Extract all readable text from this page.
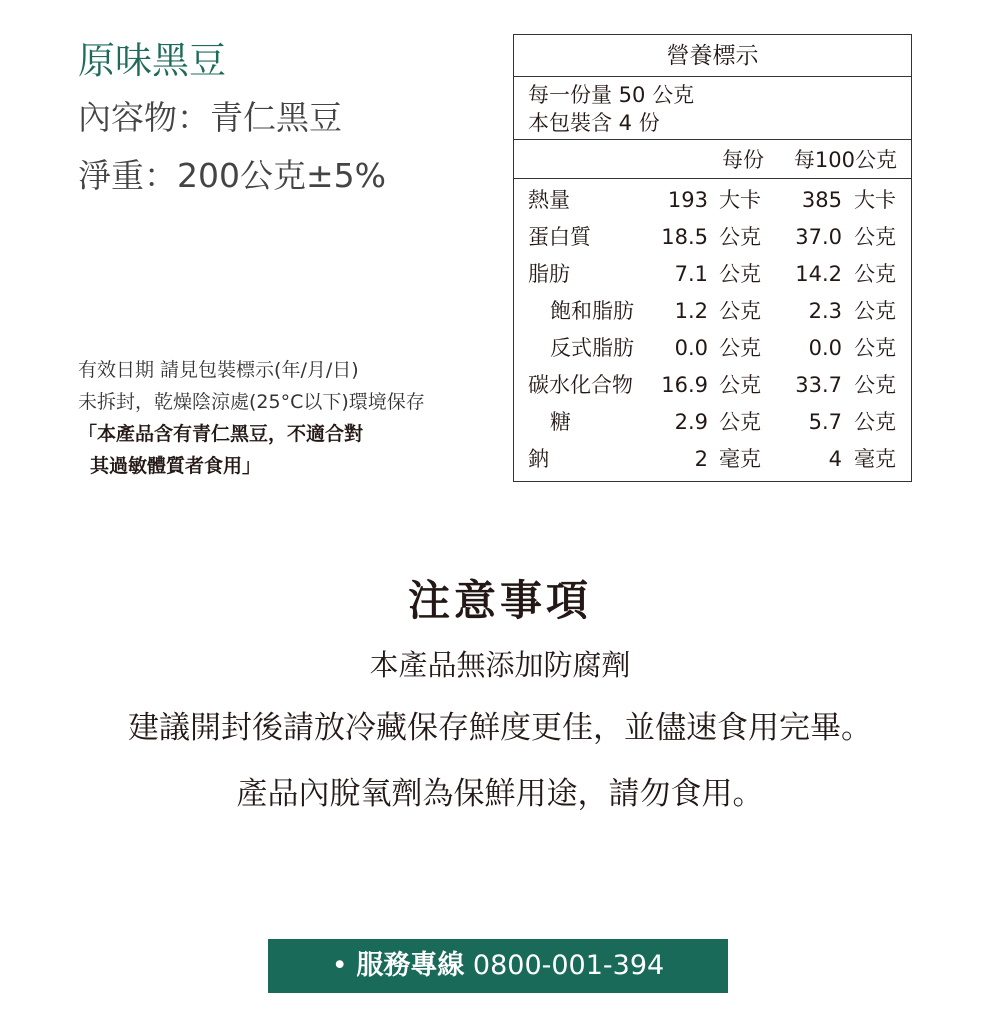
原味黑豆
內容物：青仁黑豆
淨重：200公克±5%
有效日期 請見包裝標示(年/月/日)
未拆封，乾燥陰涼處(25°C以下)環境保存
「本產品含有青仁黑豆，不適合對
其過敏體質者食用」
營養標示
每一份量 50 公克
本包裝含 4 份
每份 每100公克
熱量	193 大卡 385 大卡
蛋白質	18.5 公克 37.0 公克
脂肪	7.1 公克 14.2 公克
飽和脂肪 1.2 公克 2.3 公克
反式脂肪 0.0 公克 0.0 公克
碳水化合物 16.9 公克 33.7 公克
糖	2.9 公克 5.7 公克
鈉	2 毫克	4 毫克
注意事項
本產品無添加防腐劑
建議開封後請放冷藏保存鮮度更佳，並儘速食用完畢。
產品內脫氧劑為保鮮用途，請勿食用。
• 服務專線 0800-001-394
